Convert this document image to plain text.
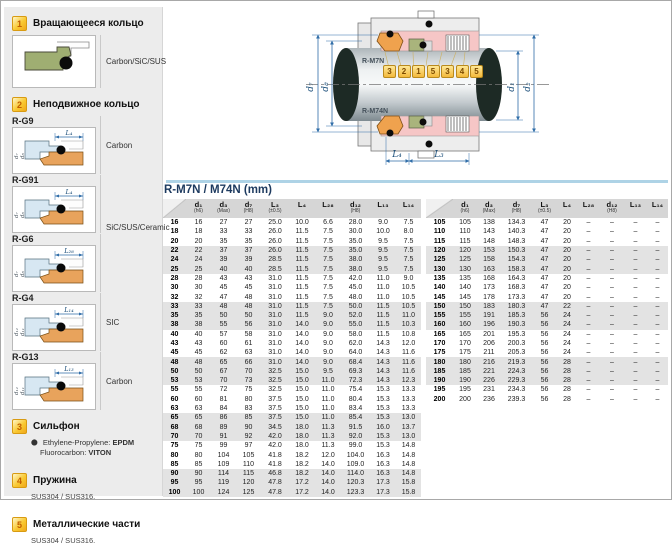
1	Вращающееся кольцо
Carbon/SiC/SUS
2	Неподвижное кольцо
R-G9
L₄
d₇ d₈
Carbon
R-G91
L₄
d₇ d₈
SiC/SUS/Ceramic
R-G6
L₂₈
d₇ d₈
R-G4
L₁₄
d₁₂ d₁₁
SIC
R-G13
L₁₃
d₁₂ d₁₁
Carbon
3	Сильфон
⬤ Ethylene-Propylene: EPDM
Fluorocarbon: VITON
4	Пружина
SUS304 / SUS316.
5	Металлические части
SUS304 / SUS316.
R-M7N
R-M74N
d₇ d₈	d₁ d₂
L₄	L₃
3 2 1 5 3 4 5
R-M7N / M74N (mm)

d₁
(h6)

d₃
(Max)

d₇
(H8)

L₃
(±0.5)

L₄	L₂₈	d₁₂
(H8)

L₁₃	L₁₄

16	16	27	27	25.0	10.0	6.6	28.0	9.0	7.5
18	18	33	33	26.0	11.5	7.5	30.0	10.0	8.0
20	20	35	35	26.0	11.5	7.5	35.0	9.5	7.5
22	22	37	37	26.0	11.5	7.5	35.0	9.5	7.5
24	24	39	39	28.5	11.5	7.5	38.0	9.5	7.5
25	25	40	40	28.5	11.5	7.5	38.0	9.5	7.5
28	28	43	43	31.0	11.5	7.5	42.0	11.0	9.0
30	30	45	45	31.0	11.5	7.5	45.0	11.0	10.5
32	32	47	48	31.0	11.5	7.5	48.0	11.0	10.5
33	33	48	48	31.0	11.5	7.5	50.0	11.5	10.5
35	35	50	50	31.0	11.5	9.0	52.0	11.5	11.0
38	38	55	56	31.0	14.0	9.0	55.0	11.5	10.3
40	40	57	58	31.0	14.0	9.0	58.0	11.5	10.8
43	43	60	61	31.0	14.0	9.0	62.0	14.3	12.0
45	45	62	63	31.0	14.0	9.0	64.0	14.3	11.6
48	48	65	66	31.0	14.0	9.0	68.4	14.3	11.6
50	50	67	70	32.5	15.0	9.5	69.3	14.3	11.6
53	53	70	73	32.5	15.0	11.0	72.3	14.3	12.3
55	55	72	75	32.5	15.0	11.0	75.4	15.3	13.3
60	60	81	80	37.5	15.0	11.0	80.4	15.3	13.3
63	63	84	83	37.5	15.0	11.0	83.4	15.3	13.3
65	65	86	85	37.5	15.0	11.0	85.4	15.3	13.0
68	68	89	90	34.5	18.0	11.3	91.5	16.0	13.7
70	70	91	92	42.0	18.0	11.3	92.0	15.3	13.0
75	75	99	97	42.0	18.0	11.3	99.0	15.3	14.8
80	80	104	105	41.8	18.2	12.0	104.0	16.3	14.8
85	85	109	110	41.8	18.2	14.0	109.0	16.3	14.8
90	90	114	115	46.8	18.2	14.0	114.0	16.3	14.8
95	95	119	120	47.8	17.2	14.0	120.3	17.3	15.8
100	100	124	125	47.8	17.2	14.0	123.3	17.3	15.8

d₁
(h6)

d₃
(Max)

d₇
(H8)

L₃
(±0.5)

L₄	L₂₈	d₁₂
(H8)

L₁₃	L₁₄

105	105	138	134.3	47	20	–	–	–	–
110	110	143	140.3	47	20	–	–	–	–
115	115	148	148.3	47	20	–	–	–	–
120	120	153	150.3	47	20	–	–	–	–
125	125	158	154.3	47	20	–	–	–	–
130	130	163	158.3	47	20	–	–	–	–
135	135	168	164.3	47	20	–	–	–	–
140	140	173	168.3	47	20	–	–	–	–
145	145	178	173.3	47	20	–	–	–	–
150	150	183	180.3	47	22	–	–	–	–
155	155	191	185.3	56	24	–	–	–	–
160	160	196	190.3	56	24	–	–	–	–
165	165	201	195.3	56	24	–	–	–	–
170	170	206	200.3	56	24	–	–	–	–
175	175	211	205.3	56	24	–	–	–	–
180	180	216	219.3	56	28	–	–	–	–
185	185	221	224.3	56	28	–	–	–	–
190	190	226	229.3	56	28	–	–	–	–
195	195	231	234.3	56	28	–	–	–	–
200	200	236	239.3	56	28	–	–	–	–
